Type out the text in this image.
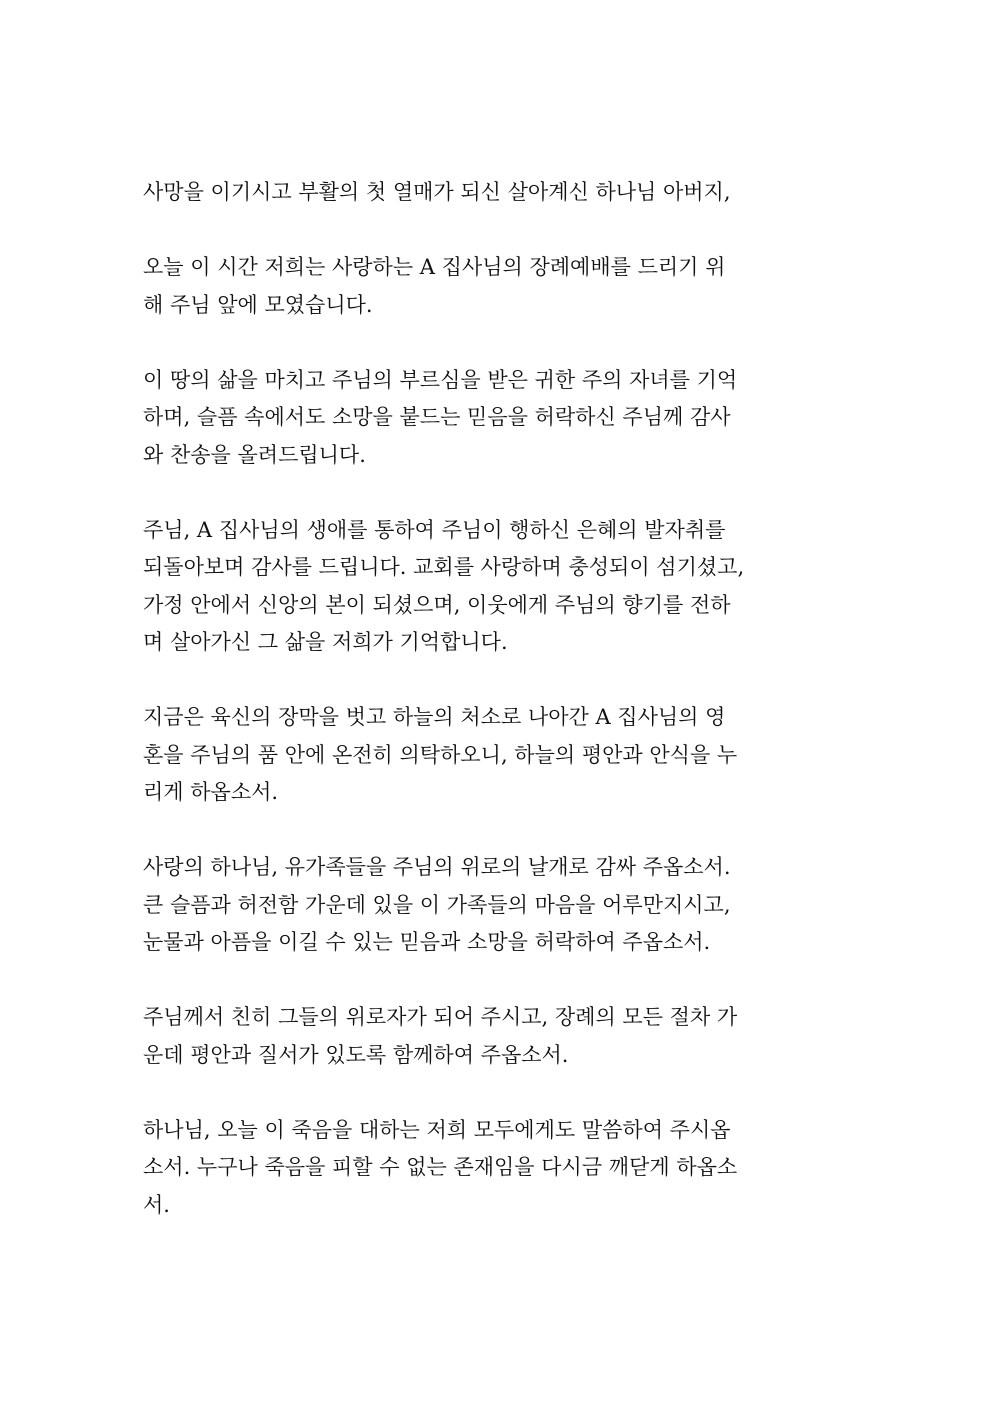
사망을 이기시고 부활의 첫 열매가 되신 살아계신 하나님 아버지,

오늘 이 시간 저희는 사랑하는 A 집사님의 장례예배를 드리기 위
해 주님 앞에 모였습니다.

이 땅의 삶을 마치고 주님의 부르심을 받은 귀한 주의 자녀를 기억
하며, 슬픔 속에서도 소망을 붙드는 믿음을 허락하신 주님께 감사
와 찬송을 올려드립니다.

주님, A 집사님의 생애를 통하여 주님이 행하신 은혜의 발자취를
되돌아보며 감사를 드립니다. 교회를 사랑하며 충성되이 섬기셨고,
가정 안에서 신앙의 본이 되셨으며, 이웃에게 주님의 향기를 전하
며 살아가신 그 삶을 저희가 기억합니다.

지금은 육신의 장막을 벗고 하늘의 처소로 나아간 A 집사님의 영
혼을 주님의 품 안에 온전히 의탁하오니, 하늘의 평안과 안식을 누
리게 하옵소서.

사랑의 하나님, 유가족들을 주님의 위로의 날개로 감싸 주옵소서.
큰 슬픔과 허전함 가운데 있을 이 가족들의 마음을 어루만지시고,
눈물과 아픔을 이길 수 있는 믿음과 소망을 허락하여 주옵소서.

주님께서 친히 그들의 위로자가 되어 주시고, 장례의 모든 절차 가
운데 평안과 질서가 있도록 함께하여 주옵소서.

하나님, 오늘 이 죽음을 대하는 저희 모두에게도 말씀하여 주시옵
소서. 누구나 죽음을 피할 수 없는 존재임을 다시금 깨닫게 하옵소
서.
